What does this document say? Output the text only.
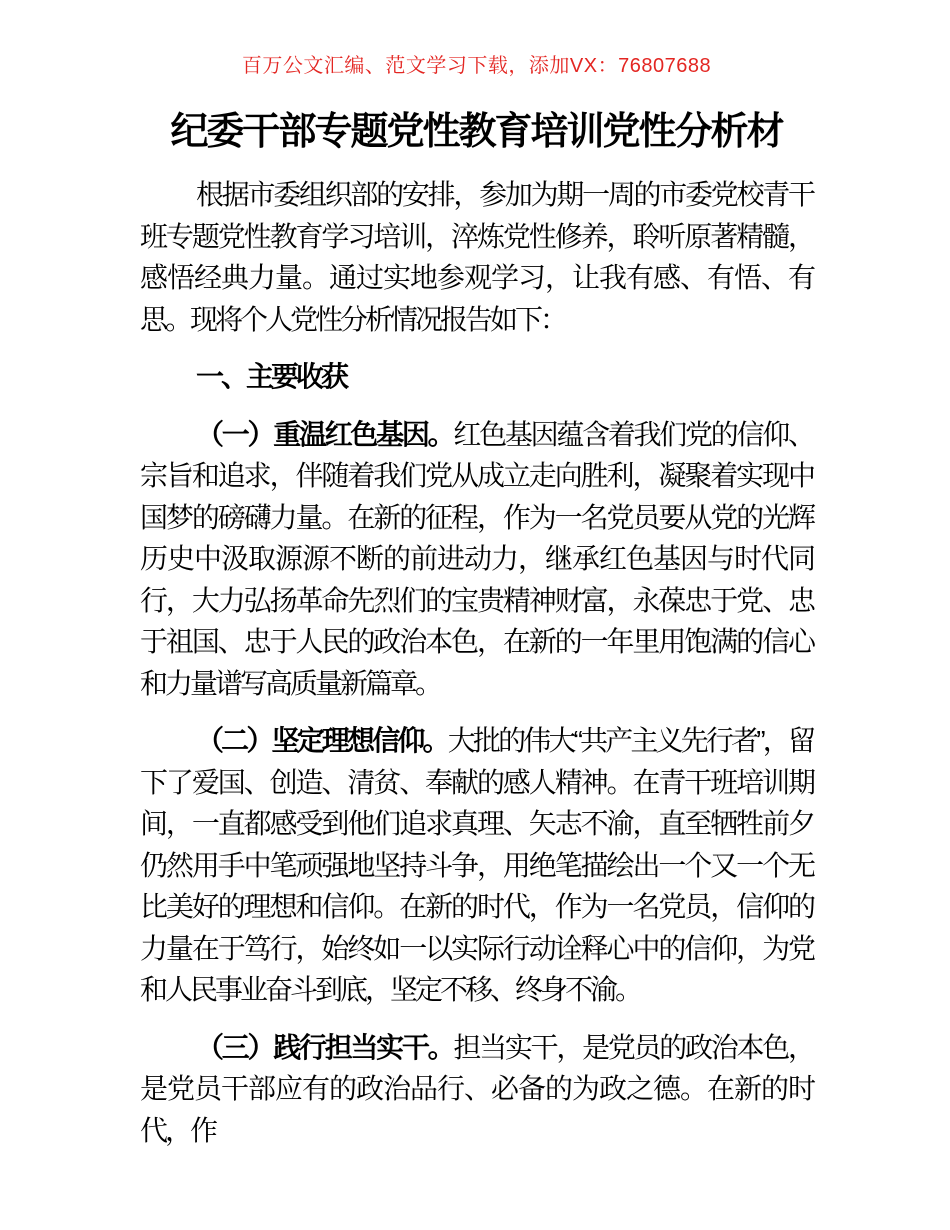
百万公文汇编、范文学习下载，添加VX：76807688
纪委干部专题党性教育培训党性分析材

根据市委组织部的安排，参加为期一周的市委党校青干班专题党性教育学习培训，淬炼党性修养，聆听原著精髓，感悟经典力量。通过实地参观学习，让我有感、有悟、有思。现将个人党性分析情况报告如下：

一、主要收获

（一）重温红色基因。红色基因蕴含着我们党的信仰、宗旨和追求，伴随着我们党从成立走向胜利，凝聚着实现中国梦的磅礴力量。在新的征程，作为一名党员要从党的光辉历史中汲取源源不断的前进动力，继承红色基因与时代同行，大力弘扬革命先烈们的宝贵精神财富，永葆忠于党、忠于祖国、忠于人民的政治本色，在新的一年里用饱满的信心和力量谱写高质量新篇章。

（二）坚定理想信仰。大批的伟大“共产主义先行者”，留下了爱国、创造、清贫、奉献的感人精神。在青干班培训期间，一直都感受到他们追求真理、矢志不渝，直至牺牲前夕仍然用手中笔顽强地坚持斗争，用绝笔描绘出一个又一个无比美好的理想和信仰。在新的时代，作为一名党员，信仰的力量在于笃行，始终如一以实际行动诠释心中的信仰，为党和人民事业奋斗到底，坚定不移、终身不渝。

（三）践行担当实干。担当实干，是党员的政治本色，是党员干部应有的政治品行、必备的为政之德。在新的时代，作
